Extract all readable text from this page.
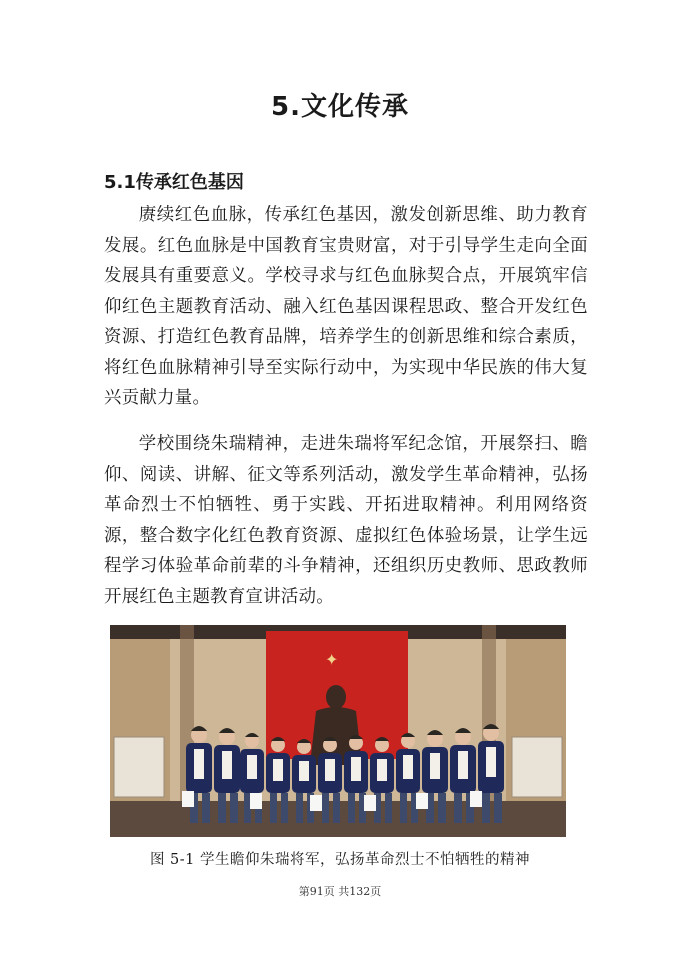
5.文化传承
5.1传承红色基因

赓续红色血脉，传承红色基因，激发创新思维、助力教育发展。红色血脉是中国教育宝贵财富，对于引导学生走向全面发展具有重要意义。学校寻求与红色血脉契合点，开展筑牢信仰红色主题教育活动、融入红色基因课程思政、整合开发红色资源、打造红色教育品牌，培养学生的创新思维和综合素质，将红色血脉精神引导至实际行动中，为实现中华民族的伟大复兴贡献力量。

学校围绕朱瑞精神，走进朱瑞将军纪念馆，开展祭扫、瞻仰、阅读、讲解、征文等系列活动，激发学生革命精神，弘扬革命烈士不怕牺牲、勇于实践、开拓进取精神。利用网络资源，整合数字化红色教育资源、虚拟红色体验场景，让学生远程学习体验革命前辈的斗争精神，还组织历史教师、思政教师开展红色主题教育宣讲活动。

✦
图 5-1 学生瞻仰朱瑞将军，弘扬革命烈士不怕牺牲的精神
第91页 共132页
